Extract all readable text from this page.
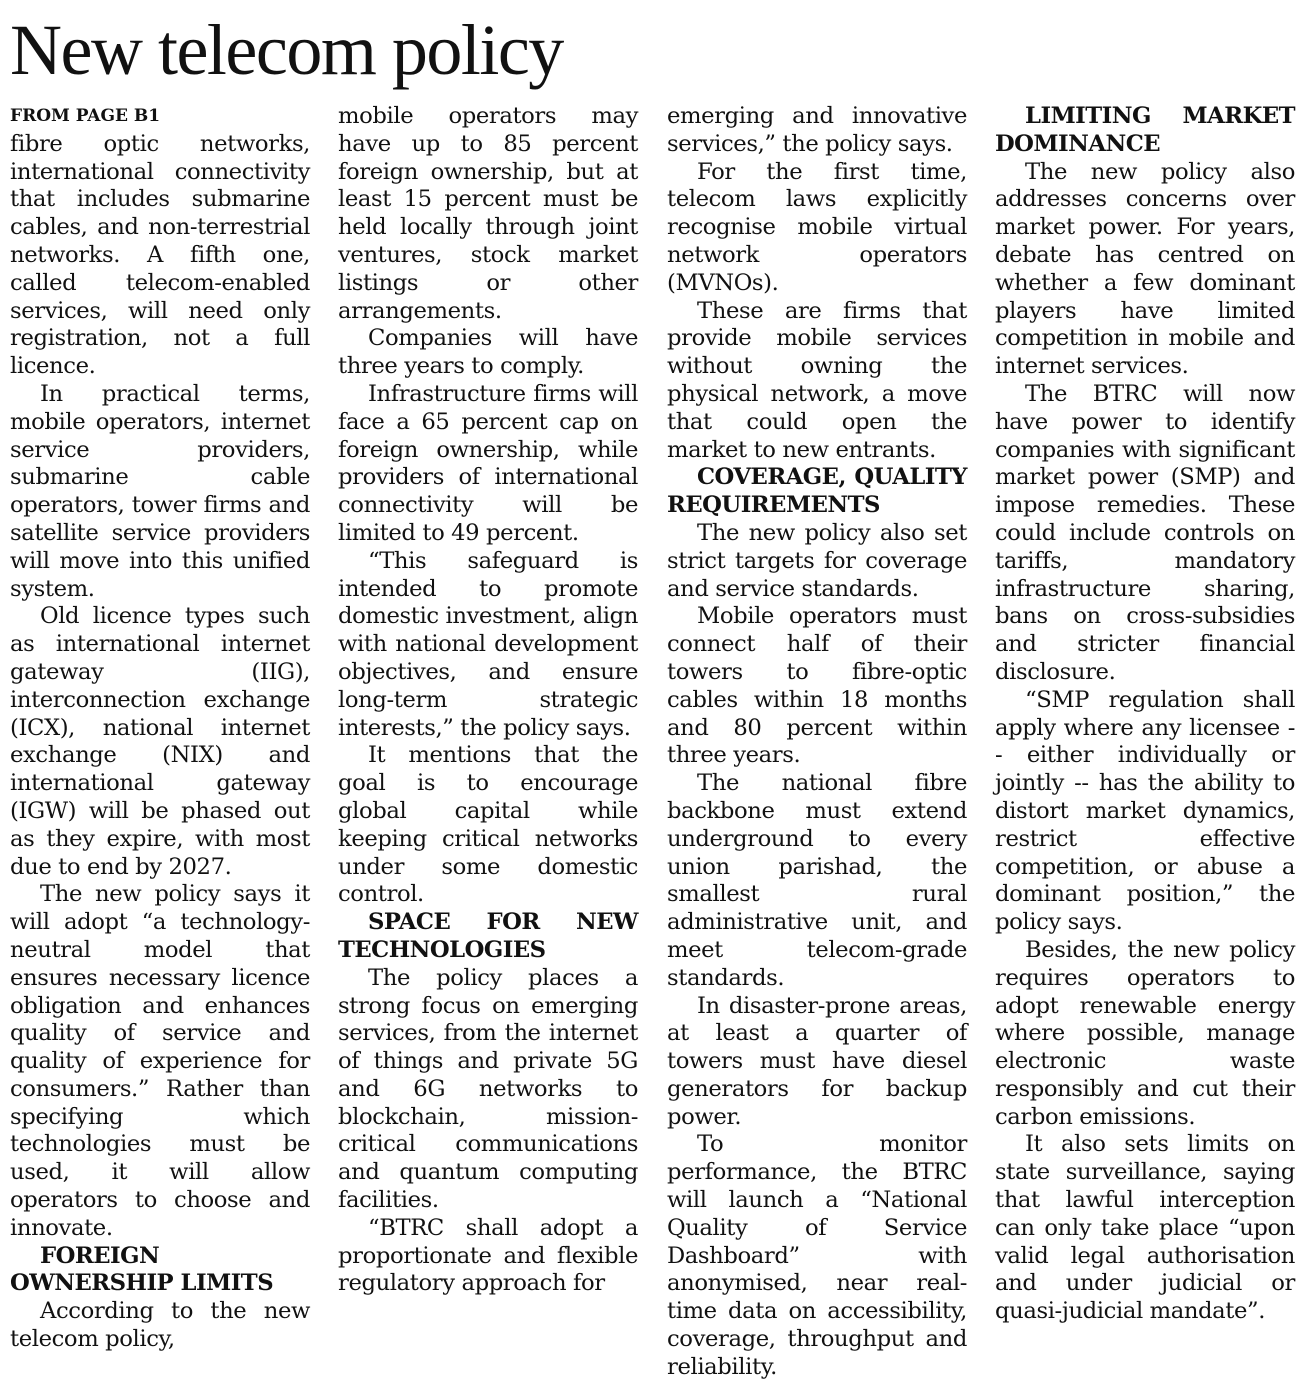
New telecom policy
FROM PAGE B1

fibre optic networks, international connectivity that includes submarine cables, and non-terrestrial networks. A fifth one, called telecom-enabled services, will need only registration, not a full licence.

In practical terms, mobile operators, internet service providers, submarine cable operators, tower firms and satellite service providers will move into this unified system.

Old licence types such as international internet gateway (IIG), interconnection exchange (ICX), national internet exchange (NIX) and international gateway (IGW) will be phased out as they expire, with most due to end by 2027.

The new policy says it will adopt “a technology-neutral model that ensures necessary licence obligation and enhances quality of service and quality of experience for consumers.” Rather than specifying which technologies must be used, it will allow operators to choose and innovate.

FOREIGN OWNERSHIP LIMITS

According to the new telecom policy,

mobile operators may have up to 85 percent foreign ownership, but at least 15 percent must be held locally through joint ventures, stock market listings or other arrangements.

Companies will have three years to comply.

Infrastructure firms will face a 65 percent cap on foreign ownership, while providers of international connectivity will be limited to 49 percent.

“This safeguard is intended to promote domestic investment, align with national development objectives, and ensure long-term strategic interests,” the policy says.

It mentions that the goal is to encourage global capital while keeping critical networks under some domestic control.

SPACE FOR NEW TECHNOLOGIES

The policy places a strong focus on emerging services, from the internet of things and private 5G and 6G networks to blockchain, mission-critical communications and quantum computing facilities.

“BTRC shall adopt a proportionate and flexible regulatory approach for

emerging and innovative services,” the policy says.

For the first time, telecom laws explicitly recognise mobile virtual network operators (MVNOs).

These are firms that provide mobile services without owning the physical network, a move that could open the market to new entrants.

COVERAGE, QUALITY REQUIREMENTS

The new policy also set strict targets for coverage and service standards.

Mobile operators must connect half of their towers to fibre-optic cables within 18 months and 80 percent within three years.

The national fibre backbone must extend underground to every union parishad, the smallest rural administrative unit, and meet telecom-grade standards.

In disaster-prone areas, at least a quarter of towers must have diesel generators for backup power.

To monitor performance, the BTRC will launch a “National Quality of Service Dashboard” with anonymised, near real-time data on accessibility, coverage, throughput and reliability.

LIMITING MARKET DOMINANCE

The new policy also addresses concerns over market power. For years, debate has centred on whether a few dominant players have limited competition in mobile and internet services.

The BTRC will now have power to identify companies with significant market power (SMP) and impose remedies. These could include controls on tariffs, mandatory infrastructure sharing, bans on cross-subsidies and stricter financial disclosure.

“SMP regulation shall apply where any licensee -- either individually or jointly -- has the ability to distort market dynamics, restrict effective competition, or abuse a dominant position,” the policy says.

Besides, the new policy requires operators to adopt renewable energy where possible, manage electronic waste responsibly and cut their carbon emissions.

It also sets limits on state surveillance, saying that lawful interception can only take place “upon valid legal authorisation and under judicial or quasi-judicial mandate”.
